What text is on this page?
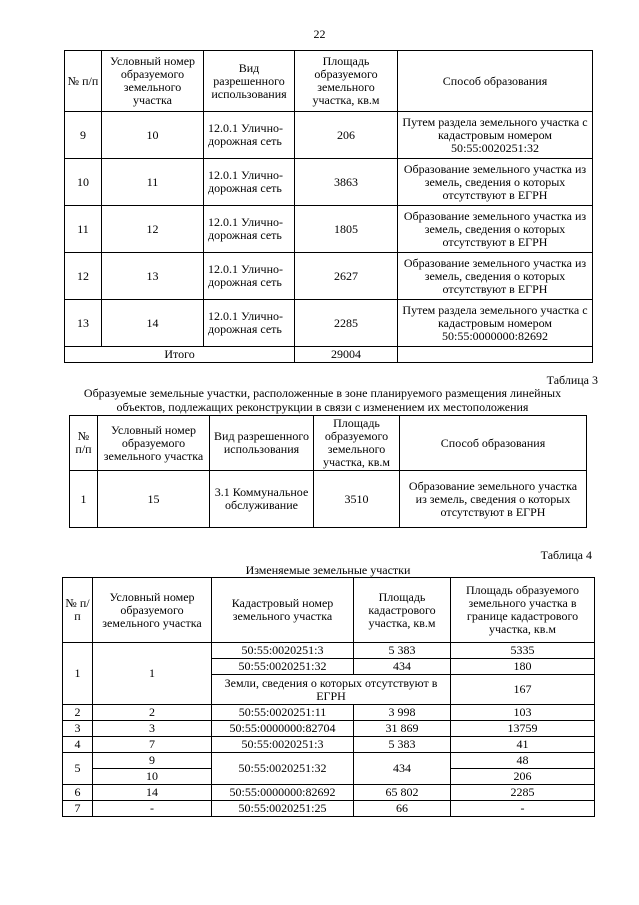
22
№ п/п	Условный номер образуемого земельного участка	Вид разрешенного использования	Площадь образуемого земельного участка, кв.м	Способ образования
9	10	12.0.1 Улично-дорожная сеть	206	Путем раздела земельного участка с кадастровым номером 50:55:0020251:32
10	11	12.0.1 Улично-дорожная сеть	3863	Образование земельного участка из земель, сведения о которых отсутствуют в ЕГРН
11	12	12.0.1 Улично-дорожная сеть	1805	Образование земельного участка из земель, сведения о которых отсутствуют в ЕГРН
12	13	12.0.1 Улично-дорожная сеть	2627	Образование земельного участка из земель, сведения о которых отсутствуют в ЕГРН
13	14	12.0.1 Улично-дорожная сеть	2285	Путем раздела земельного участка с кадастровым номером 50:55:0000000:82692
Итого			29004	
Таблица 3
Образуемые земельные участки, расположенные в зоне планируемого размещения линейных объектов, подлежащих реконструкции в связи с изменением их местоположения
№ п/п	Условный номер образуемого земельного участка	Вид разрешенного использования	Площадь образуемого земельного участка, кв.м	Способ образования
1	15	3.1 Коммунальное обслуживание	3510	Образование земельного участка из земель, сведения о которых отсутствуют в ЕГРН
Таблица 4
Изменяемые земельные участки
№ п/п	Условный номер образуемого земельного участка	Кадастровый номер земельного участка	Площадь кадастрового участка, кв.м	Площадь образуемого земельного участка в границе кадастрового участка, кв.м
1	1	50:55:0020251:3	5 383	5335
		50:55:0020251:32	434	180
		Земли, сведения о которых отсутствуют в ЕГРН		167
2	2	50:55:0020251:11	3 998	103
3	3	50:55:0000000:82704	31 869	13759
4	7	50:55:0020251:3	5 383	41
5	9	50:55:0020251:32	434	48
	10			206
6	14	50:55:0000000:82692	65 802	2285
7	-	50:55:0020251:25	66	-
